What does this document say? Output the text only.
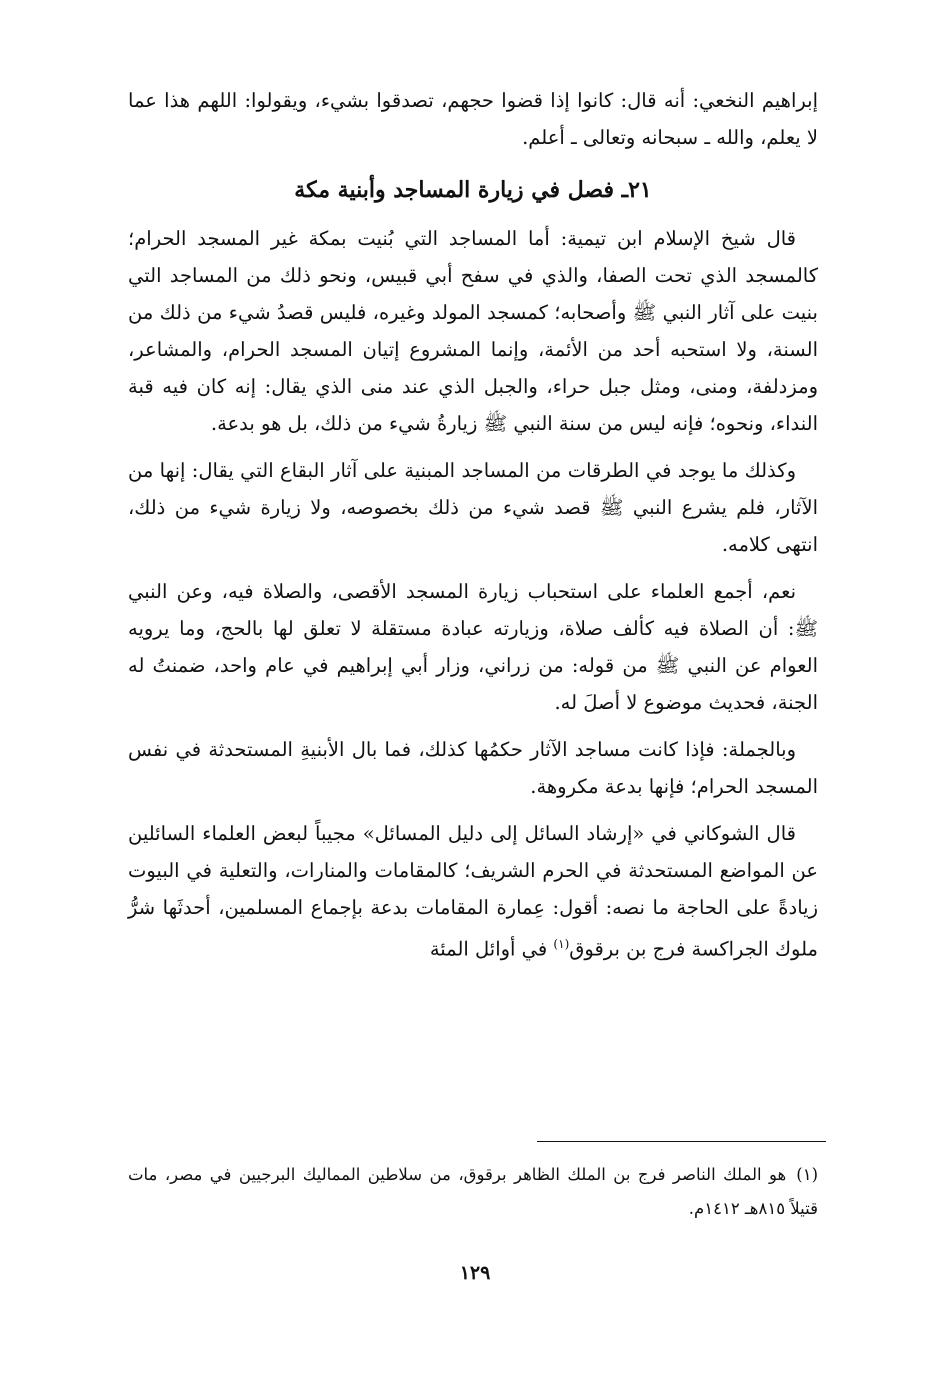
إبراهيم النخعي: أنه قال: كانوا إذا قضوا حجهم، تصدقوا بشيء، ويقولوا: اللهم هذا عما لا يعلم، والله ـ سبحانه وتعالى ـ أعلم.

٢١ـ فصل في زيارة المساجد وأبنية مكة

قال شيخ الإسلام ابن تيمية: أما المساجد التي بُنيت بمكة غير المسجد الحرام؛ كالمسجد الذي تحت الصفا، والذي في سفح أبي قبيس، ونحو ذلك من المساجد التي بنيت على آثار النبي ﷺ وأصحابه؛ كمسجد المولد وغيره، فليس قصدُ شيء من ذلك من السنة، ولا استحبه أحد من الأئمة، وإنما المشروع إتيان المسجد الحرام، والمشاعر، ومزدلفة، ومنى، ومثل جبل حراء، والجبل الذي عند منى الذي يقال: إنه كان فيه قبة النداء، ونحوه؛ فإنه ليس من سنة النبي ﷺ زيارةُ شيء من ذلك، بل هو بدعة.

وكذلك ما يوجد في الطرقات من المساجد المبنية على آثار البقاع التي يقال: إنها من الآثار، فلم يشرع النبي ﷺ قصد شيء من ذلك بخصوصه، ولا زيارة شيء من ذلك، انتهى كلامه.

نعم، أجمع العلماء على استحباب زيارة المسجد الأقصى، والصلاة فيه، وعن النبي ﷺ: أن الصلاة فيه كألف صلاة، وزيارته عبادة مستقلة لا تعلق لها بالحج، وما يرويه العوام عن النبي ﷺ من قوله: من زراني، وزار أبي إبراهيم في عام واحد، ضمنتُ له الجنة، فحديث موضوع لا أصلَ له.

وبالجملة: فإذا كانت مساجد الآثار حكمُها كذلك، فما بال الأبنيةِ المستحدثة في نفس المسجد الحرام؛ فإنها بدعة مكروهة.

قال الشوكاني في «إرشاد السائل إلى دليل المسائل» مجيباً لبعض العلماء السائلين عن المواضع المستحدثة في الحرم الشريف؛ كالمقامات والمنارات، والتعلية في البيوت زيادةً على الحاجة ما نصه: أقول: عِمارة المقامات بدعة بإجماع المسلمين، أحدثَها شرُّ ملوك الجراكسة فرج بن برقوق$^{(١)}$ في أوائل المئة

(١)هو الملك الناصر فرج بن الملك الظاهر برقوق، من سلاطين المماليك البرجيين في مصر، مات قتيلاً ٨١٥هـ ١٤١٢م.

١٢٩
